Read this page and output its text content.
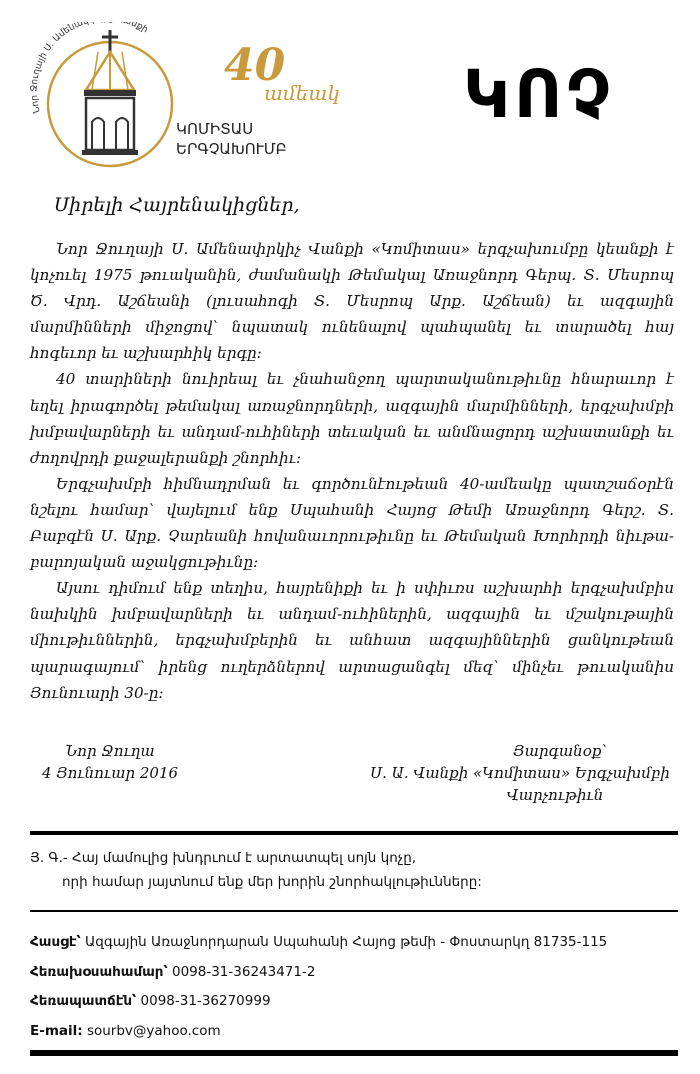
Նոր Ջուղայի Ս. Ամենա նքի
40
ամեակ
ԿՈՄԻՏԱՍ
ԵՐԳՉԱԽՈՒՄԲ
ԿՈՉ
Սիրելի Հայրենակիցներ,

Նոր Ջուղայի Ս. Ամենափրկիչ Վանքի «Կոմիտաս» երգչախումբը կեանքի է կոչուել 1975 թուականին, ժամանակի Թեմակալ Առաջնորդ Գերպ. Տ. Մեսրոպ Ծ. Վրդ. Աշճեանի (լուսահոգի Տ. Մեսրոպ Արք. Աշճեան) եւ ազգային մարմինների միջոցով՝ նպատակ ունենալով պահպանել եւ տարածել հայ հոգեւոր եւ աշխարհիկ երգը:

40 տարիների նուիրեալ եւ չնահանջող պարտականութիւնը հնարաւոր է եղել իրագործել թեմակալ առաջնորդների, ազգային մարմինների, երգչախմբի խմբավարների եւ անդամ-ուհիների տեւական եւ անմնացորդ աշխատանքի եւ ժողովրդի քաջալերանքի շնորհիւ:

Երգչախմբի հիմնադրման եւ գործունէութեան 40-ամեակը պատշաճօրէն նշելու համար՝ վայելում ենք Սպահանի Հայոց Թեմի Առաջնորդ Գերշ. Տ. Բաբգէն Ս. Արք. Չարեանի հովանաւորութիւնը եւ Թեմական Խորհրդի նիւթա-բարոյական աջակցութիւնը:

Այսու դիմում ենք տեղիս, հայրենիքի եւ ի սփիւռս աշխարհի երգչախմբիս նախկին խմբավարների եւ անդամ-ուհիներին, ազգային եւ մշակութային միութիւններին, երգչախմբերին եւ անհատ ազգայիններին ցանկութեան պարագայում՝ իրենց ուղերձներով արտացանգել մեզ՝ մինչեւ թուականիս Յունուարի 30-ը:

Նոր Ջուղա
4 Յունուար 2016
Յարգանօք՝
Ս. Ա. Վանքի «Կոմիտաս» Երգչախմբի
Վարչութիւն
Յ. Գ.- Հայ մամուլից խնդրւում է արտատպել սոյն կոչը,
որի համար յայտնում ենք մեր խորին շնորհակլութիւնները:
Հասցէ՝ Ազգային Առաջնորդարան Սպահանի Հայոց թեմի - Փոստարկղ 81735-115
Հեռախօսահամար՝ 0098-31-36243471-2
Հեռապատճէն՝ 0098-31-36270999
E-mail: sourbv@yahoo.com
